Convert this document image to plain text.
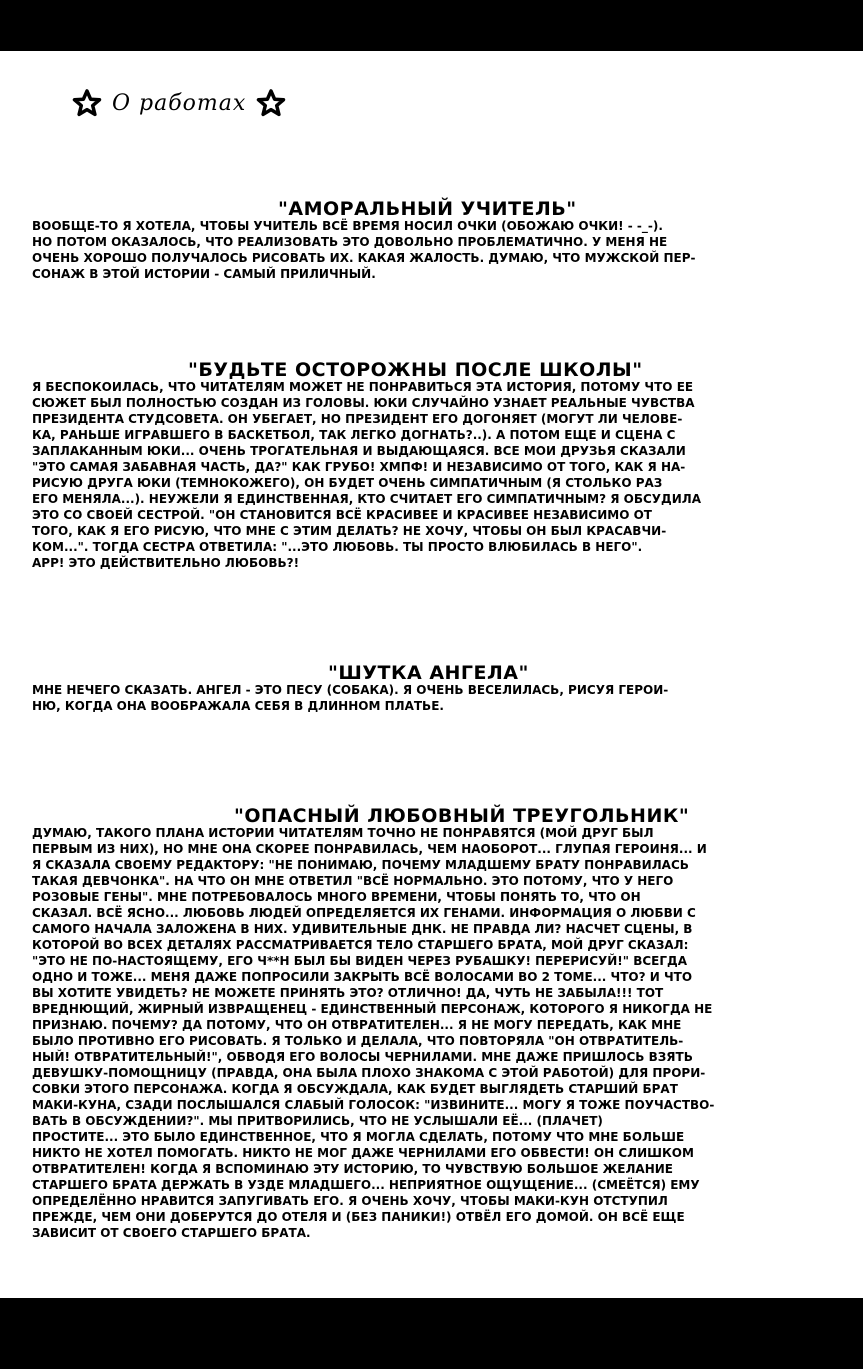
О работах
"АМОРАЛЬНЫЙ УЧИТЕЛЬ"
ВООБЩЕ-ТО Я ХОТЕЛА, ЧТОБЫ УЧИТЕЛЬ ВСЁ ВРЕМЯ НОСИЛ ОЧКИ (ОБОЖАЮ ОЧКИ! - -_-).
НО ПОТОМ ОКАЗАЛОСЬ, ЧТО РЕАЛИЗОВАТЬ ЭТО ДОВОЛЬНО ПРОБЛЕМАТИЧНО. У МЕНЯ НЕ
ОЧЕНЬ ХОРОШО ПОЛУЧАЛОСЬ РИСОВАТЬ ИХ. КАКАЯ ЖАЛОСТЬ. ДУМАЮ, ЧТО МУЖСКОЙ ПЕР-
СОНАЖ В ЭТОЙ ИСТОРИИ - САМЫЙ ПРИЛИЧНЫЙ.
"БУДЬТЕ ОСТОРОЖНЫ ПОСЛЕ ШКОЛЫ"
Я БЕСПОКОИЛАСЬ, ЧТО ЧИТАТЕЛЯМ МОЖЕТ НЕ ПОНРАВИТЬСЯ ЭТА ИСТОРИЯ, ПОТОМУ ЧТО ЕЕ
СЮЖЕТ БЫЛ ПОЛНОСТЬЮ СОЗДАН ИЗ ГОЛОВЫ. ЮКИ СЛУЧАЙНО УЗНАЕТ РЕАЛЬНЫЕ ЧУВСТВА
ПРЕЗИДЕНТА СТУДСОВЕТА. ОН УБЕГАЕТ, НО ПРЕЗИДЕНТ ЕГО ДОГОНЯЕТ (МОГУТ ЛИ ЧЕЛОВЕ-
КА, РАНЬШЕ ИГРАВШЕГО В БАСКЕТБОЛ, ТАК ЛЕГКО ДОГНАТЬ?..). А ПОТОМ ЕЩЕ И СЦЕНА С
ЗАПЛАКАННЫМ ЮКИ... ОЧЕНЬ ТРОГАТЕЛЬНАЯ И ВЫДАЮЩАЯСЯ. ВСЕ МОИ ДРУЗЬЯ СКАЗАЛИ
"ЭТО САМАЯ ЗАБАВНАЯ ЧАСТЬ, ДА?" КАК ГРУБО! ХМПФ! И НЕЗАВИСИМО ОТ ТОГО, КАК Я НА-
РИСУЮ ДРУГА ЮКИ (ТЕМНОКОЖЕГО), ОН БУДЕТ ОЧЕНЬ СИМПАТИЧНЫМ (Я СТОЛЬКО РАЗ
ЕГО МЕНЯЛА...). НЕУЖЕЛИ Я ЕДИНСТВЕННАЯ, КТО СЧИТАЕТ ЕГО СИМПАТИЧНЫМ? Я ОБСУДИЛА
ЭТО СО СВОЕЙ СЕСТРОЙ. "ОН СТАНОВИТСЯ ВСЁ КРАСИВЕЕ И КРАСИВЕЕ НЕЗАВИСИМО ОТ
ТОГО, КАК Я ЕГО РИСУЮ, ЧТО МНЕ С ЭТИМ ДЕЛАТЬ? НЕ ХОЧУ, ЧТОБЫ ОН БЫЛ КРАСАВЧИ-
КОМ...". ТОГДА СЕСТРА ОТВЕТИЛА: "...ЭТО ЛЮБОВЬ. ТЫ ПРОСТО ВЛЮБИЛАСЬ В НЕГО".
АРР! ЭТО ДЕЙСТВИТЕЛЬНО ЛЮБОВЬ?!
"ШУТКА АНГЕЛА"
МНЕ НЕЧЕГО СКАЗАТЬ. АНГЕЛ - ЭТО ПЕСУ (СОБАКА). Я ОЧЕНЬ ВЕСЕЛИЛАСЬ, РИСУЯ ГЕРОИ-
НЮ, КОГДА ОНА ВООБРАЖАЛА СЕБЯ В ДЛИННОМ ПЛАТЬЕ.
"ОПАСНЫЙ ЛЮБОВНЫЙ ТРЕУГОЛЬНИК"
ДУМАЮ, ТАКОГО ПЛАНА ИСТОРИИ ЧИТАТЕЛЯМ ТОЧНО НЕ ПОНРАВЯТСЯ (МОЙ ДРУГ БЫЛ
ПЕРВЫМ ИЗ НИХ), НО МНЕ ОНА СКОРЕЕ ПОНРАВИЛАСЬ, ЧЕМ НАОБОРОТ... ГЛУПАЯ ГЕРОИНЯ... И
Я СКАЗАЛА СВОЕМУ РЕДАКТОРУ: "НЕ ПОНИМАЮ, ПОЧЕМУ МЛАДШЕМУ БРАТУ ПОНРАВИЛАСЬ
ТАКАЯ ДЕВЧОНКА". НА ЧТО ОН МНЕ ОТВЕТИЛ "ВСЁ НОРМАЛЬНО. ЭТО ПОТОМУ, ЧТО У НЕГО
РОЗОВЫЕ ГЕНЫ". МНЕ ПОТРЕБОВАЛОСЬ МНОГО ВРЕМЕНИ, ЧТОБЫ ПОНЯТЬ ТО, ЧТО ОН
СКАЗАЛ. ВСЁ ЯСНО... ЛЮБОВЬ ЛЮДЕЙ ОПРЕДЕЛЯЕТСЯ ИХ ГЕНАМИ. ИНФОРМАЦИЯ О ЛЮБВИ С
САМОГО НАЧАЛА ЗАЛОЖЕНА В НИХ. УДИВИТЕЛЬНЫЕ ДНК. НЕ ПРАВДА ЛИ? НАСЧЕТ СЦЕНЫ, В
КОТОРОЙ ВО ВСЕХ ДЕТАЛЯХ РАССМАТРИВАЕТСЯ ТЕЛО СТАРШЕГО БРАТА, МОЙ ДРУГ СКАЗАЛ:
"ЭТО НЕ ПО-НАСТОЯЩЕМУ, ЕГО Ч**Н БЫЛ БЫ ВИДЕН ЧЕРЕЗ РУБАШКУ! ПЕРЕРИСУЙ!" ВСЕГДА
ОДНО И ТОЖЕ... МЕНЯ ДАЖЕ ПОПРОСИЛИ ЗАКРЫТЬ ВСЁ ВОЛОСАМИ ВО 2 ТОМЕ... ЧТО? И ЧТО
ВЫ ХОТИТЕ УВИДЕТЬ? НЕ МОЖЕТЕ ПРИНЯТЬ ЭТО? ОТЛИЧНО! ДА, ЧУТЬ НЕ ЗАБЫЛА!!! ТОТ
ВРЕДНЮЩИЙ, ЖИРНЫЙ ИЗВРАЩЕНЕЦ - ЕДИНСТВЕННЫЙ ПЕРСОНАЖ, КОТОРОГО Я НИКОГДА НЕ
ПРИЗНАЮ. ПОЧЕМУ? ДА ПОТОМУ, ЧТО ОН ОТВРАТИТЕЛЕН... Я НЕ МОГУ ПЕРЕДАТЬ, КАК МНЕ
БЫЛО ПРОТИВНО ЕГО РИСОВАТЬ. Я ТОЛЬКО И ДЕЛАЛА, ЧТО ПОВТОРЯЛА "ОН ОТВРАТИТЕЛЬ-
НЫЙ! ОТВРАТИТЕЛЬНЫЙ!", ОБВОДЯ ЕГО ВОЛОСЫ ЧЕРНИЛАМИ. МНЕ ДАЖЕ ПРИШЛОСЬ ВЗЯТЬ
ДЕВУШКУ-ПОМОЩНИЦУ (ПРАВДА, ОНА БЫЛА ПЛОХО ЗНАКОМА С ЭТОЙ РАБОТОЙ) ДЛЯ ПРОРИ-
СОВКИ ЭТОГО ПЕРСОНАЖА. КОГДА Я ОБСУЖДАЛА, КАК БУДЕТ ВЫГЛЯДЕТЬ СТАРШИЙ БРАТ
МАКИ-КУНА, СЗАДИ ПОСЛЫШАЛСЯ СЛАБЫЙ ГОЛОСОК: "ИЗВИНИТЕ... МОГУ Я ТОЖЕ ПОУЧАСТВО-
ВАТЬ В ОБСУЖДЕНИИ?". МЫ ПРИТВОРИЛИСЬ, ЧТО НЕ УСЛЫШАЛИ ЕЁ... (ПЛАЧЕТ)
ПРОСТИТЕ... ЭТО БЫЛО ЕДИНСТВЕННОЕ, ЧТО Я МОГЛА СДЕЛАТЬ, ПОТОМУ ЧТО МНЕ БОЛЬШЕ
НИКТО НЕ ХОТЕЛ ПОМОГАТЬ. НИКТО НЕ МОГ ДАЖЕ ЧЕРНИЛАМИ ЕГО ОБВЕСТИ! ОН СЛИШКОМ
ОТВРАТИТЕЛЕН! КОГДА Я ВСПОМИНАЮ ЭТУ ИСТОРИЮ, ТО ЧУВСТВУЮ БОЛЬШОЕ ЖЕЛАНИЕ
СТАРШЕГО БРАТА ДЕРЖАТЬ В УЗДЕ МЛАДШЕГО... НЕПРИЯТНОЕ ОЩУЩЕНИЕ... (СМЕЁТСЯ) ЕМУ
ОПРЕДЕЛЁННО НРАВИТСЯ ЗАПУГИВАТЬ ЕГО. Я ОЧЕНЬ ХОЧУ, ЧТОБЫ МАКИ-КУН ОТСТУПИЛ
ПРЕЖДЕ, ЧЕМ ОНИ ДОБЕРУТСЯ ДО ОТЕЛЯ И (БЕЗ ПАНИКИ!) ОТВЁЛ ЕГО ДОМОЙ. ОН ВСЁ ЕЩЕ
ЗАВИСИТ ОТ СВОЕГО СТАРШЕГО БРАТА.
